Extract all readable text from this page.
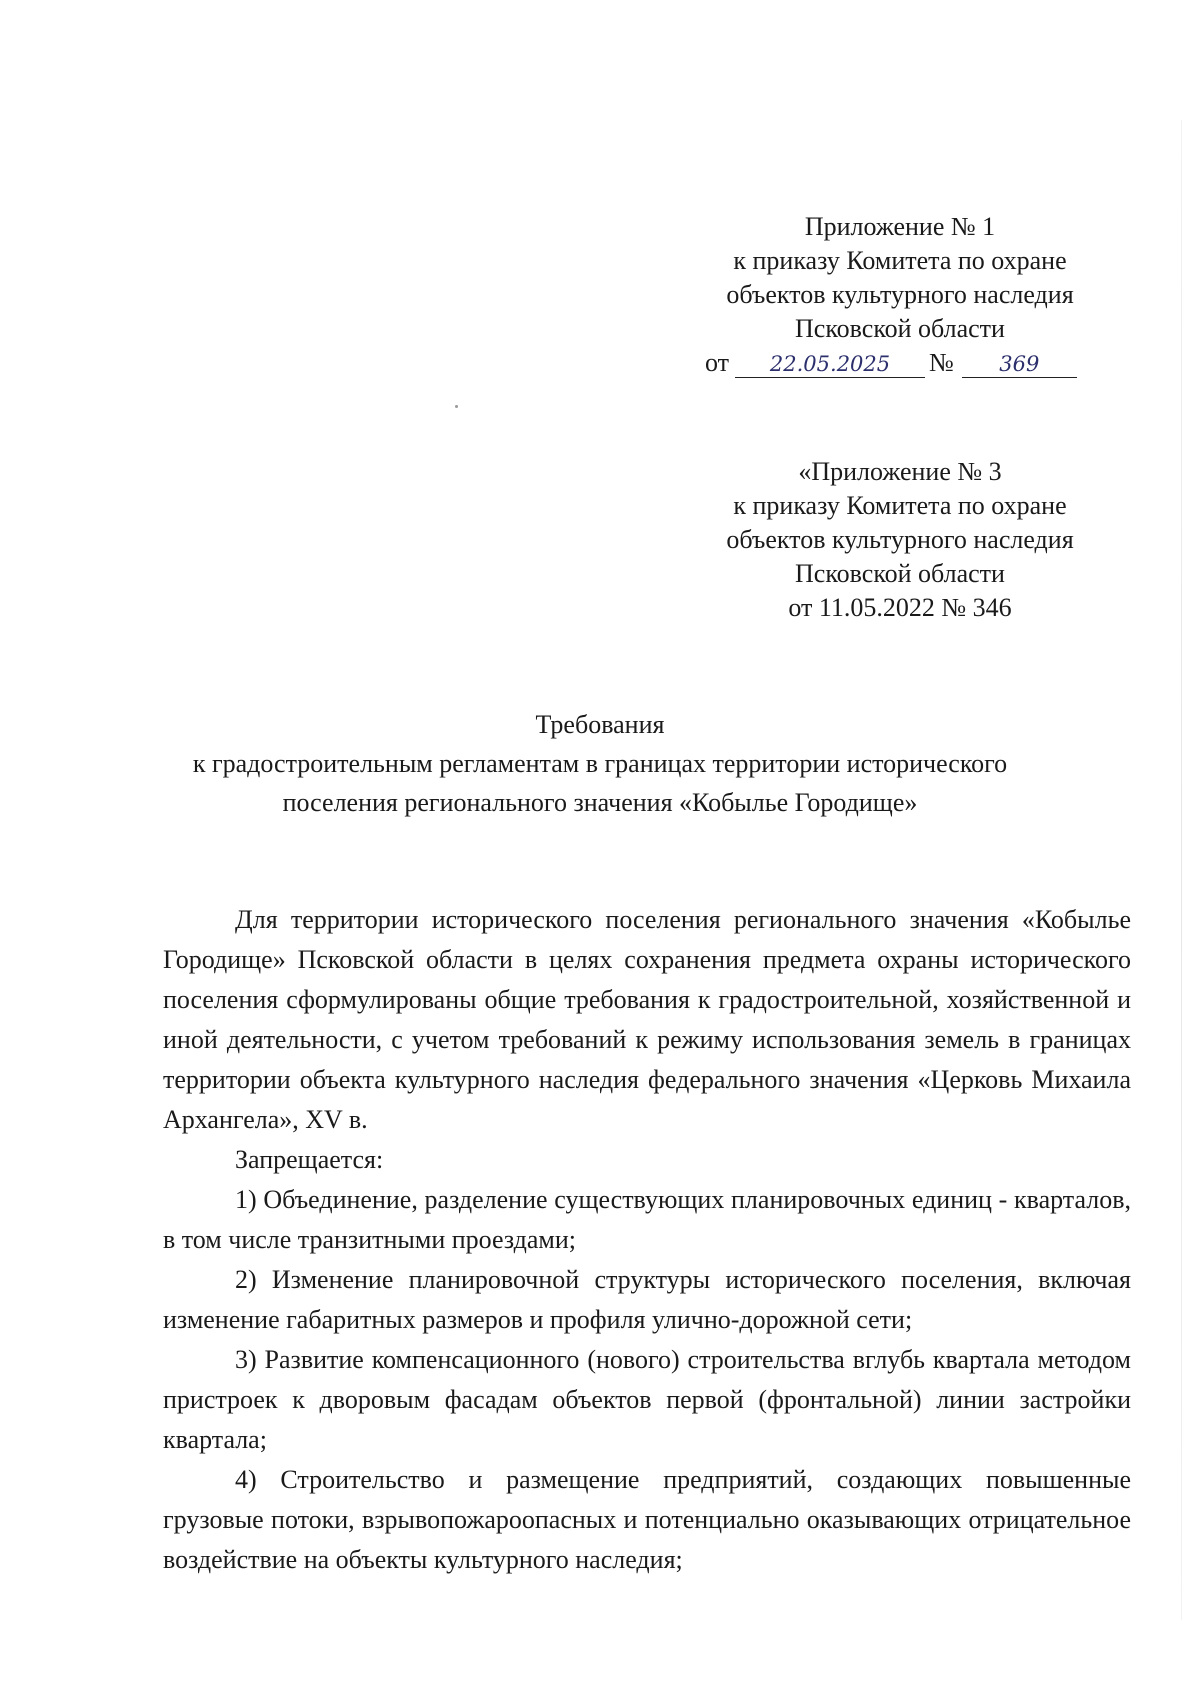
Приложение № 1
к приказу Комитета по охране
объектов культурного наследия
Псковской области
от 22.05.2025 № 369
«Приложение № 3
к приказу Комитета по охране
объектов культурного наследия
Псковской области
от 11.05.2022 № 346
Требования
к градостроительным регламентам в границах территории исторического
поселения регионального значения «Кобылье Городище»

Для территории исторического поселения регионального значения «Кобылье Городище» Псковской области в целях сохранения предмета охраны исторического поселения сформулированы общие требования к градостроительной, хозяйственной и иной деятельности, с учетом требований к режиму использования земель в границах территории объекта культурного наследия федерального значения «Церковь Михаила Архангела», XV в.

Запрещается:

1) Объединение, разделение существующих планировочных единиц - кварталов, в том числе транзитными проездами;

2) Изменение планировочной структуры исторического поселения, включая изменение габаритных размеров и профиля улично-дорожной сети;

3) Развитие компенсационного (нового) строительства вглубь квартала методом пристроек к дворовым фасадам объектов первой (фронтальной) линии застройки квартала;

4) Строительство и размещение предприятий, создающих повышенные грузовые потоки, взрывопожароопасных и потенциально оказывающих отрицательное воздействие на объекты культурного наследия;
